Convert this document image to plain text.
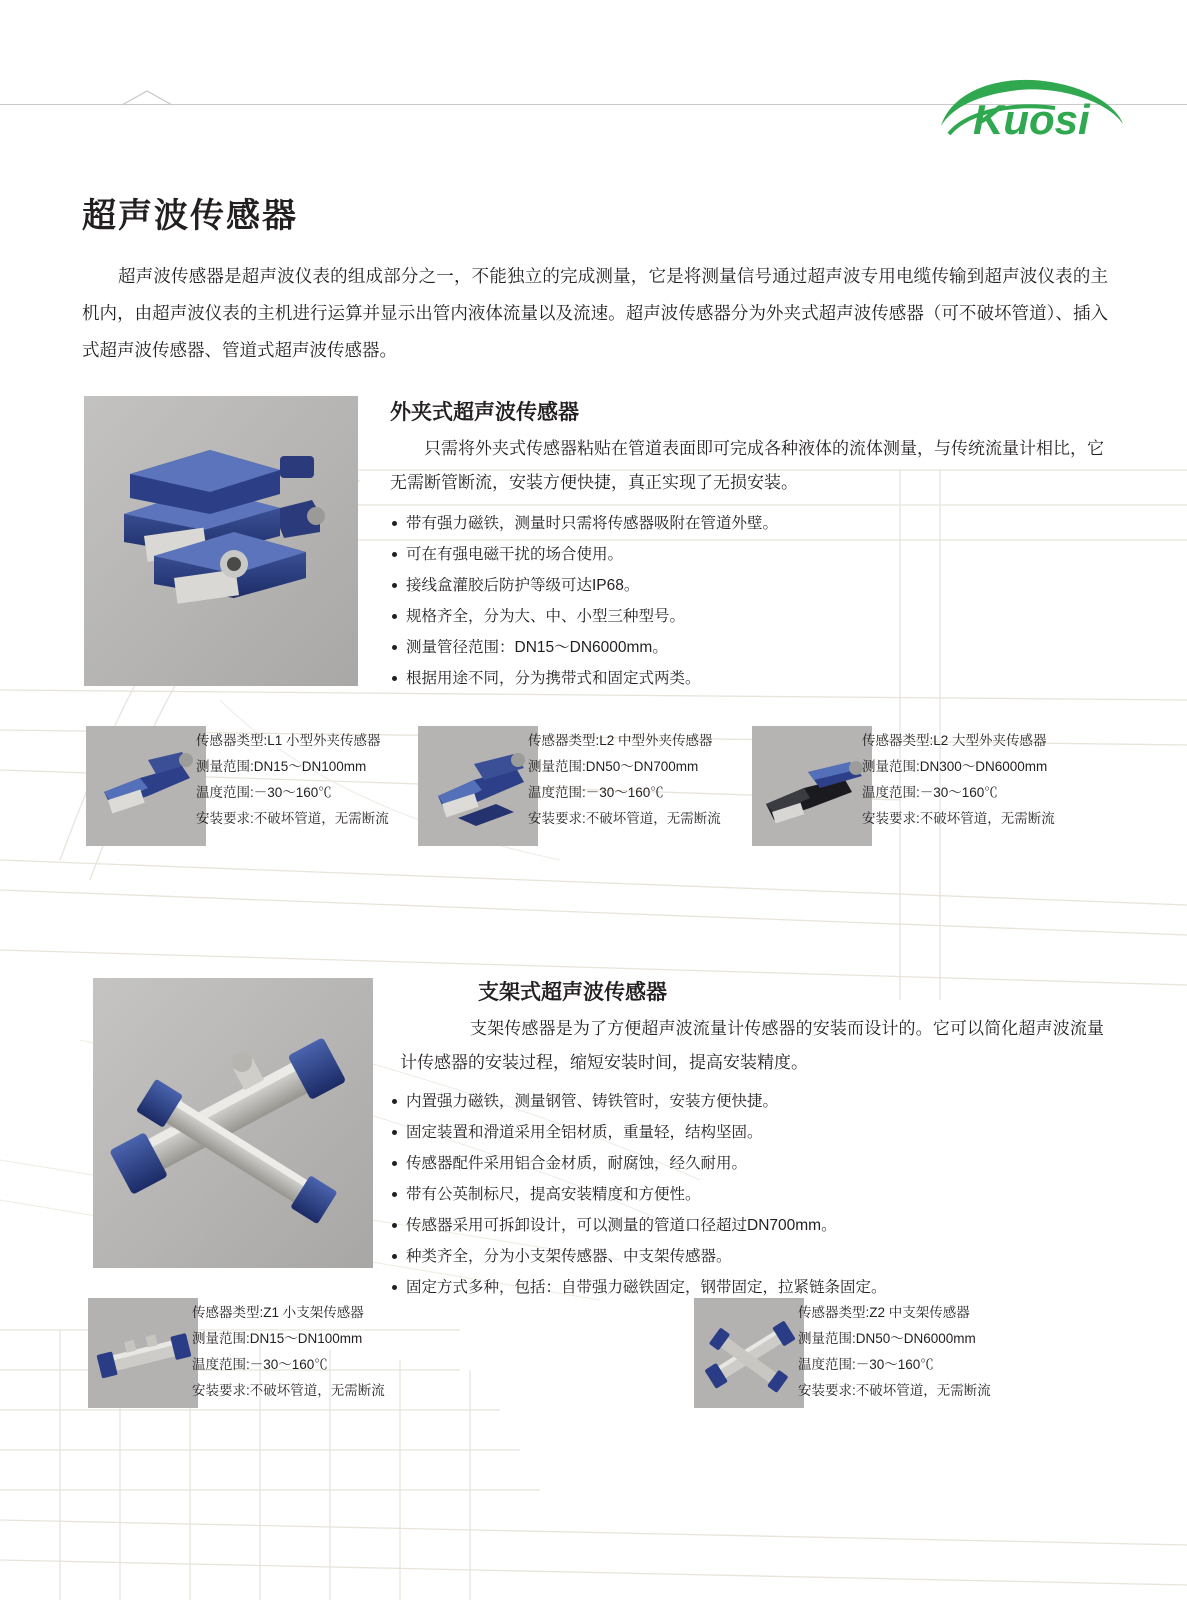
Kuosi
超声波传感器
超声波传感器是超声波仪表的组成部分之一，不能独立的完成测量，它是将测量信号通过超声波专用电缆传输到超声波仪表的主机内，由超声波仪表的主机进行运算并显示出管内液体流量以及流速。超声波传感器分为外夹式超声波传感器（可不破坏管道）、插入式超声波传感器、管道式超声波传感器。
外夹式超声波传感器
只需将外夹式传感器粘贴在管道表面即可完成各种液体的流体测量，与传统流量计相比，它无需断管断流，安装方便快捷，真正实现了无损安装。
带有强力磁铁，测量时只需将传感器吸附在管道外壁。
可在有强电磁干扰的场合使用。
接线盒灌胶后防护等级可达IP68。
规格齐全，分为大、中、小型三种型号。
测量管径范围：DN15～DN6000mm。
根据用途不同，分为携带式和固定式两类。
传感器类型:L1 小型外夹传感器
测量范围:DN15～DN100mm
温度范围:－30～160℃
安装要求:不破坏管道，无需断流
传感器类型:L2 中型外夹传感器
测量范围:DN50～DN700mm
温度范围:－30～160℃
安装要求:不破坏管道，无需断流
传感器类型:L2 大型外夹传感器
测量范围:DN300～DN6000mm
温度范围:－30～160℃
安装要求:不破坏管道，无需断流
支架式超声波传感器
支架传感器是为了方便超声波流量计传感器的安装而设计的。它可以简化超声波流量计传感器的安装过程，缩短安装时间，提高安装精度。
内置强力磁铁，测量钢管、铸铁管时，安装方便快捷。
固定装置和滑道采用全铝材质，重量轻，结构坚固。
传感器配件采用铝合金材质，耐腐蚀，经久耐用。
带有公英制标尺，提高安装精度和方便性。
传感器采用可拆卸设计，可以测量的管道口径超过DN700mm。
种类齐全，分为小支架传感器、中支架传感器。
固定方式多种，包括：自带强力磁铁固定，钢带固定，拉紧链条固定。
传感器类型:Z1 小支架传感器
测量范围:DN15～DN100mm
温度范围:－30～160℃
安装要求:不破坏管道，无需断流
传感器类型:Z2 中支架传感器
测量范围:DN50～DN6000mm
温度范围:－30～160℃
安装要求:不破坏管道，无需断流
